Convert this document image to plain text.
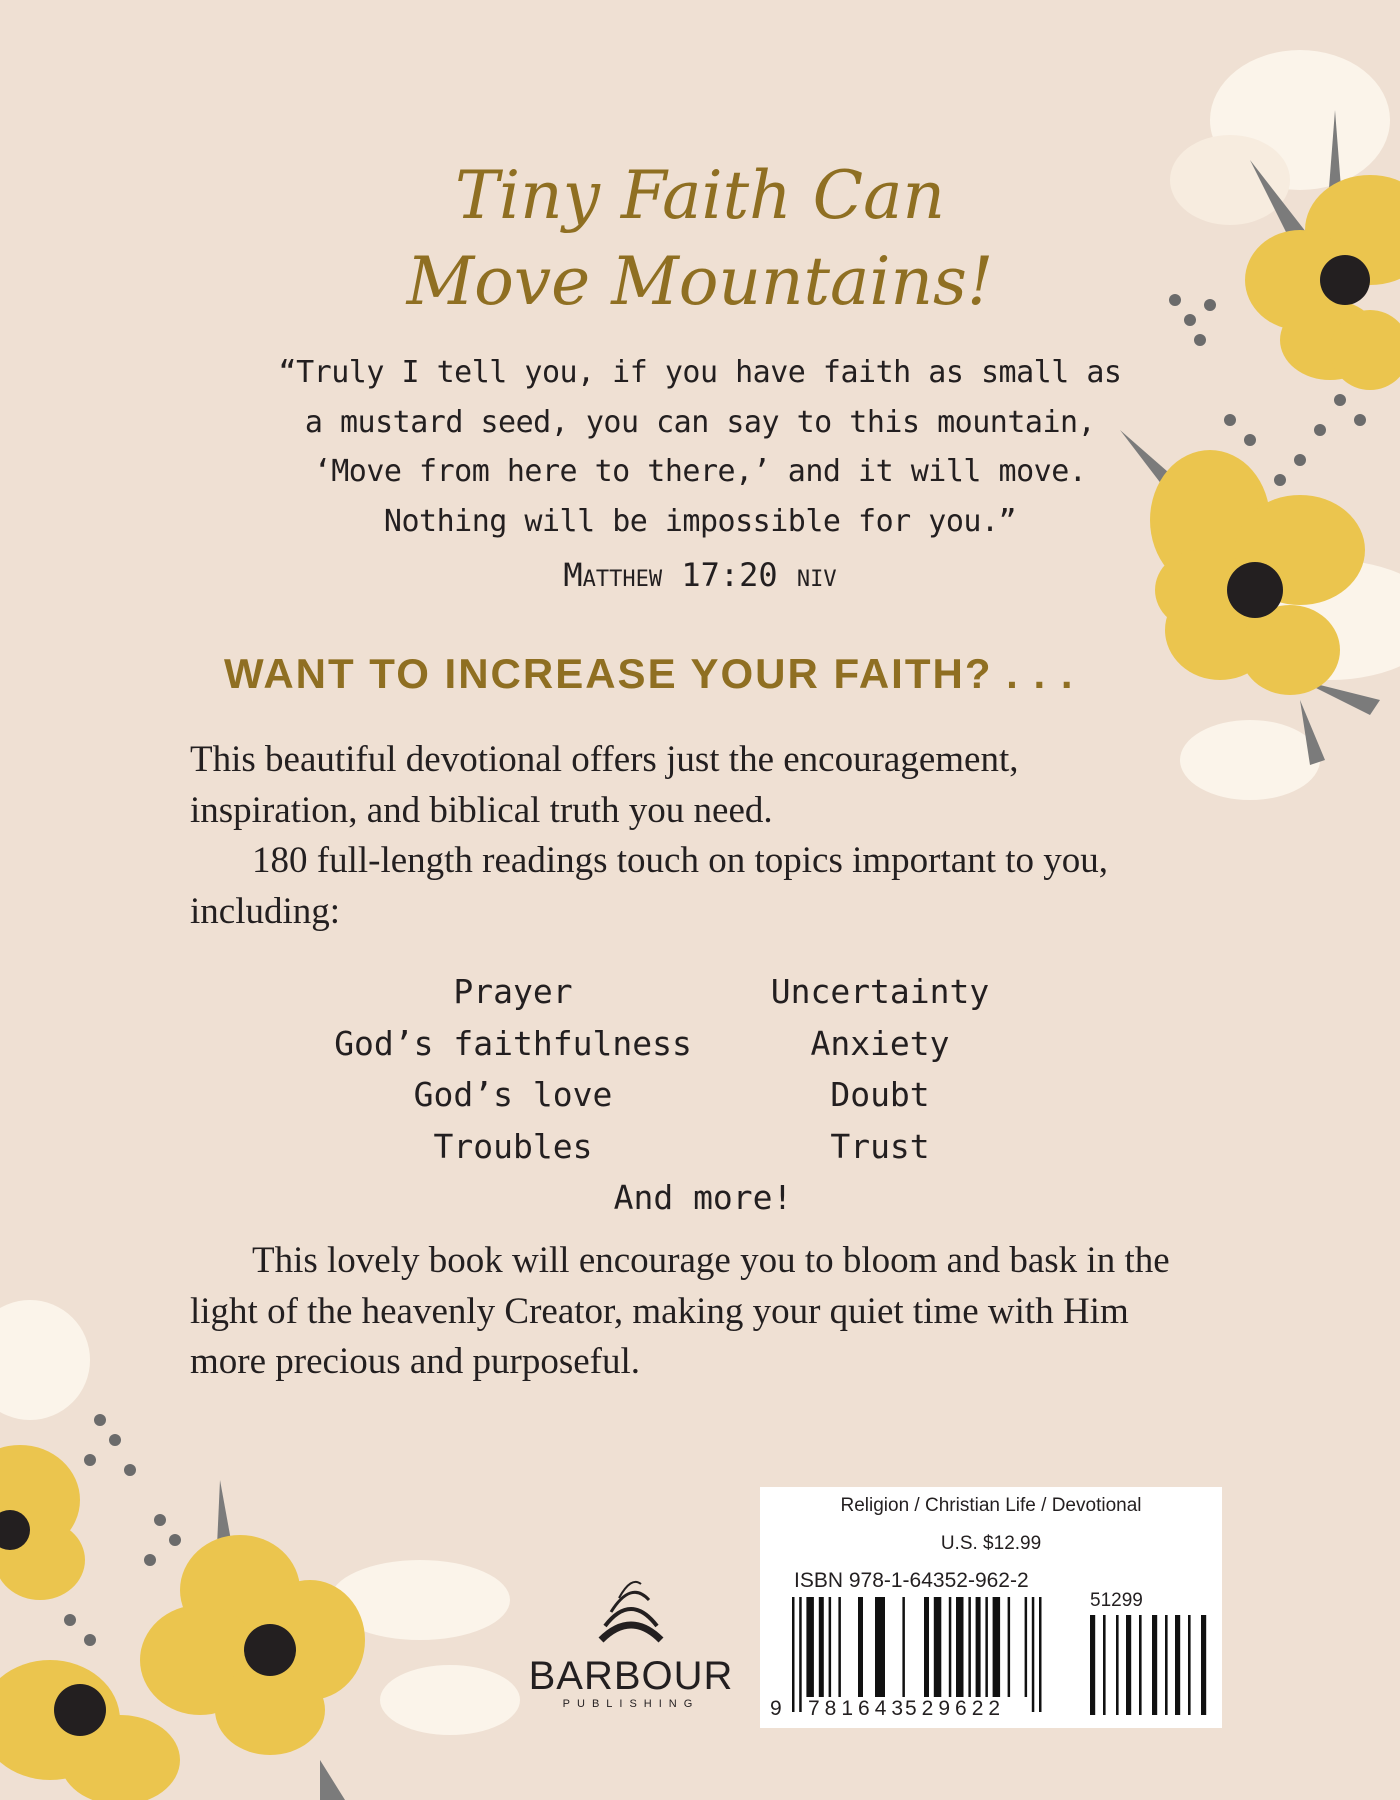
Tiny Faith Can
Move Mountains!
“Truly I tell you, if you have faith as small as
a mustard seed, you can say to this mountain,
‘Move from here to there,’ and it will move.
Nothing will be impossible for you.”
Matthew 17:20 niv
WANT TO INCREASE YOUR FAITH? . . .

This beautiful devotional offers just the encouragement, inspiration, and biblical truth you need.

180 full-length readings touch on topics important to you, including:

Prayer	Uncertainty
God’s faithfulness	Anxiety
God’s love	Doubt
Troubles	Trust
And more!
This lovely book will encourage you to bloom and bask in the light of the heavenly Creator, making your quiet time with Him more precious and purposeful.
BARBOUR
PUBLISHING
Religion / Christian Life / Devotional
U.S. $12.99
ISBN 978-1-64352-962-2
51299
9 781643
529622
